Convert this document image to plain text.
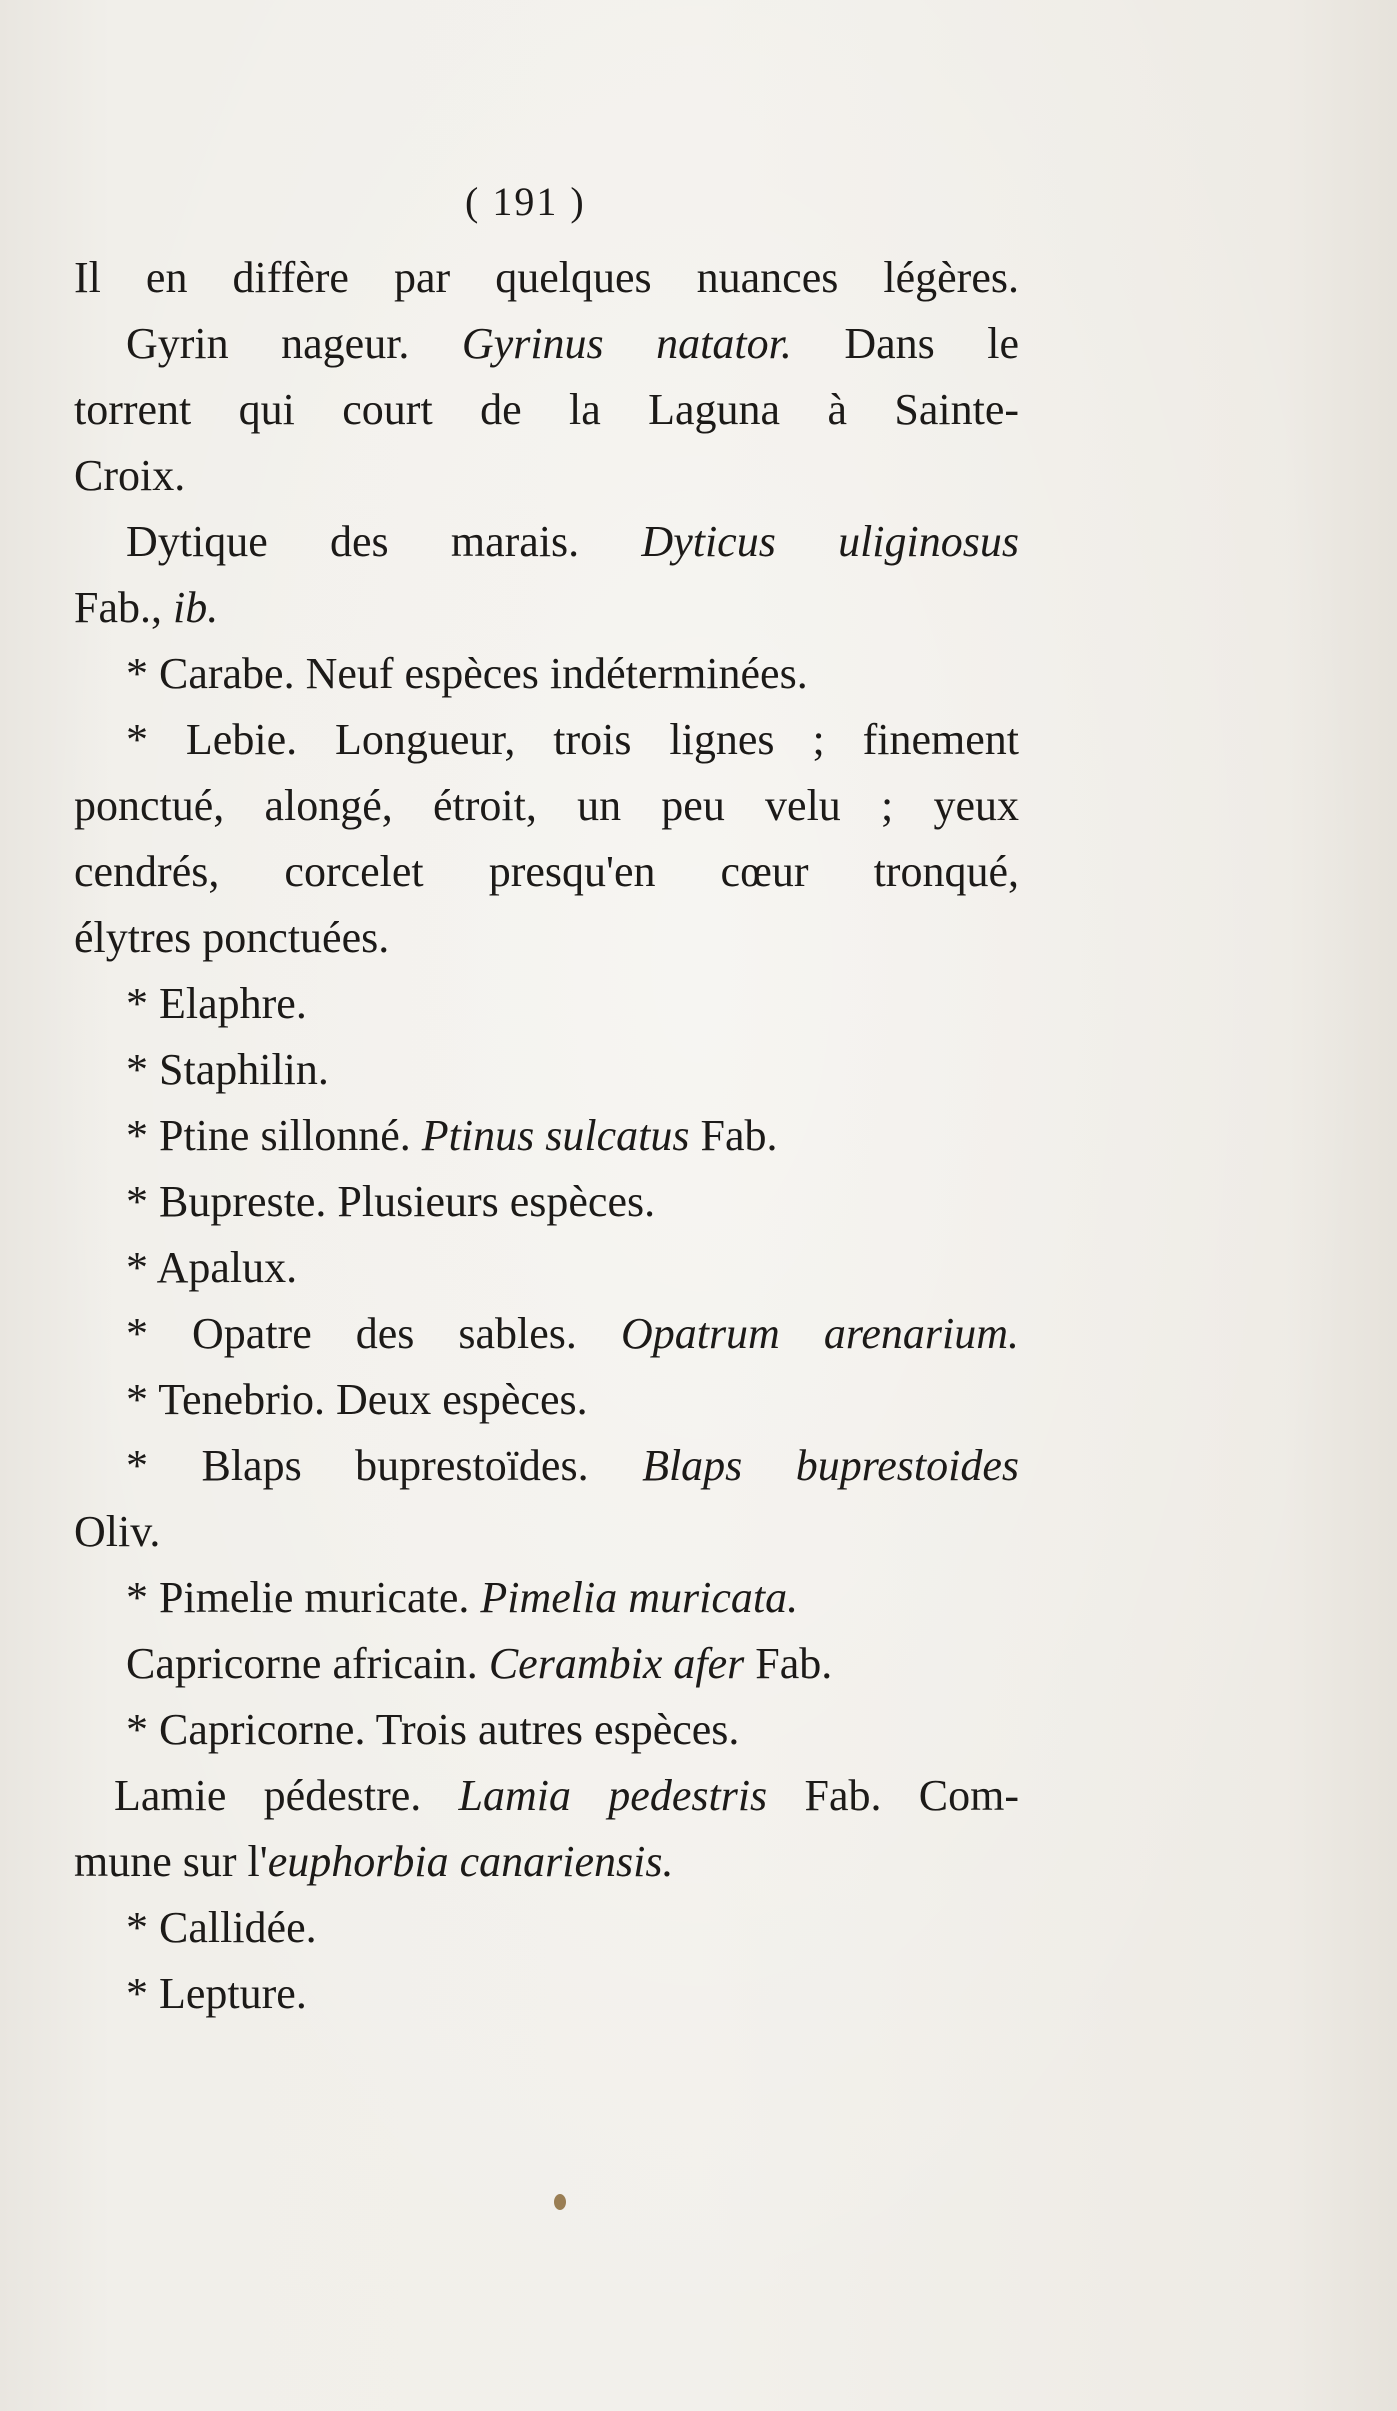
( 191 )
Il en diffère par quelques nuances légères.
Gyrin nageur. Gyrinus natator. Dans le
torrent qui court de la Laguna à Sainte-
Croix.
Dytique des marais. Dyticus uliginosus
Fab., ib.
* Carabe. Neuf espèces indéterminées.
* Lebie. Longueur, trois lignes ; finement
ponctué, alongé, étroit, un peu velu ; yeux
cendrés, corcelet presqu'en cœur tronqué,
élytres ponctuées.
* Elaphre.
* Staphilin.
* Ptine sillonné. Ptinus sulcatus Fab.
* Bupreste. Plusieurs espèces.
* Apalux.
* Opatre des sables. Opatrum arenarium.
* Tenebrio. Deux espèces.
* Blaps buprestoïdes. Blaps buprestoides
Oliv.
* Pimelie muricate. Pimelia muricata.
Capricorne africain. Cerambix afer Fab.
* Capricorne. Trois autres espèces.
Lamie pédestre. Lamia pedestris Fab. Com-
mune sur l'euphorbia canariensis.
* Callidée.
* Lepture.
